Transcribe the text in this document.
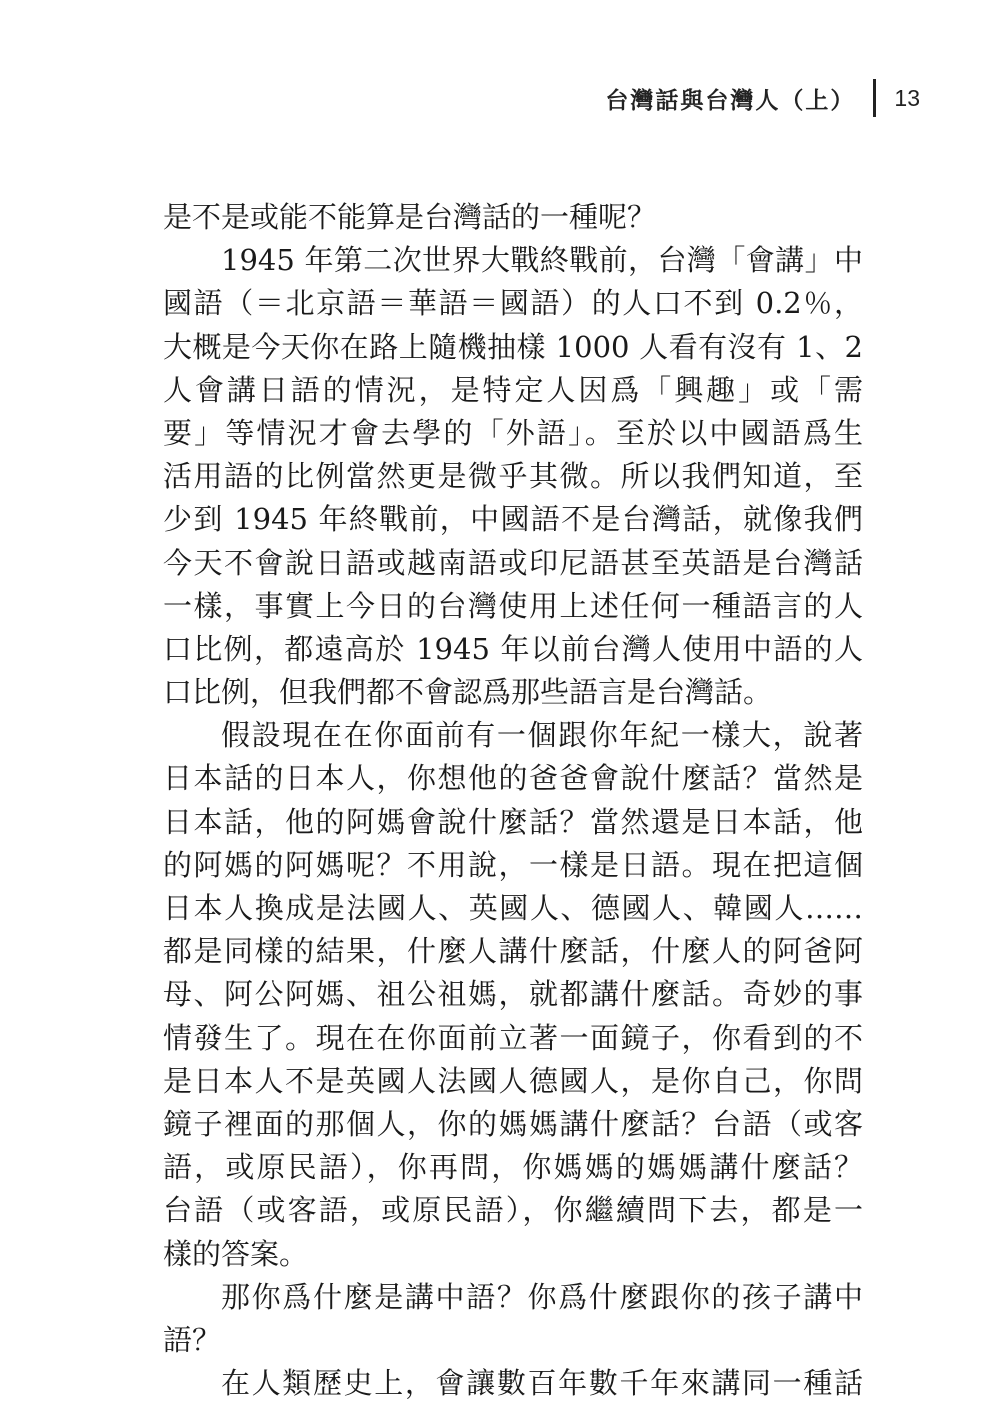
台灣話與台灣人（上） 13
是不是或能不能算是台灣話的一種呢？
1945 年第二次世界大戰終戰前，台灣「會講」中
國語（＝北京語＝華語＝國語）的人口不到 0.2％，
大概是今天你在路上隨機抽樣 1000 人看有沒有 1、2
人會講日語的情況，是特定人因爲「興趣」或「需
要」等情況才會去學的「外語」。至於以中國語爲生
活用語的比例當然更是微乎其微。所以我們知道，至
少到 1945 年終戰前，中國語不是台灣話，就像我們
今天不會說日語或越南語或印尼語甚至英語是台灣話
一樣，事實上今日的台灣使用上述任何一種語言的人
口比例，都遠高於 1945 年以前台灣人使用中語的人
口比例，但我們都不會認爲那些語言是台灣話。
假設現在在你面前有一個跟你年紀一樣大，說著
日本話的日本人，你想他的爸爸會說什麼話？當然是
日本話，他的阿媽會說什麼話？當然還是日本話，他
的阿媽的阿媽呢？不用說，一樣是日語。現在把這個
日本人換成是法國人、英國人、德國人、韓國人……
都是同樣的結果，什麼人講什麼話，什麼人的阿爸阿
母、阿公阿媽、祖公祖媽，就都講什麼話。奇妙的事
情發生了。現在在你面前立著一面鏡子，你看到的不
是日本人不是英國人法國人德國人，是你自己，你問
鏡子裡面的那個人，你的媽媽講什麼話？台語（或客
語，或原民語），你再問，你媽媽的媽媽講什麼話？
台語（或客語，或原民語），你繼續問下去，都是一
樣的答案。
那你爲什麼是講中語？你爲什麼跟你的孩子講中
語？
在人類歷史上，會讓數百年數千年來講同一種話
